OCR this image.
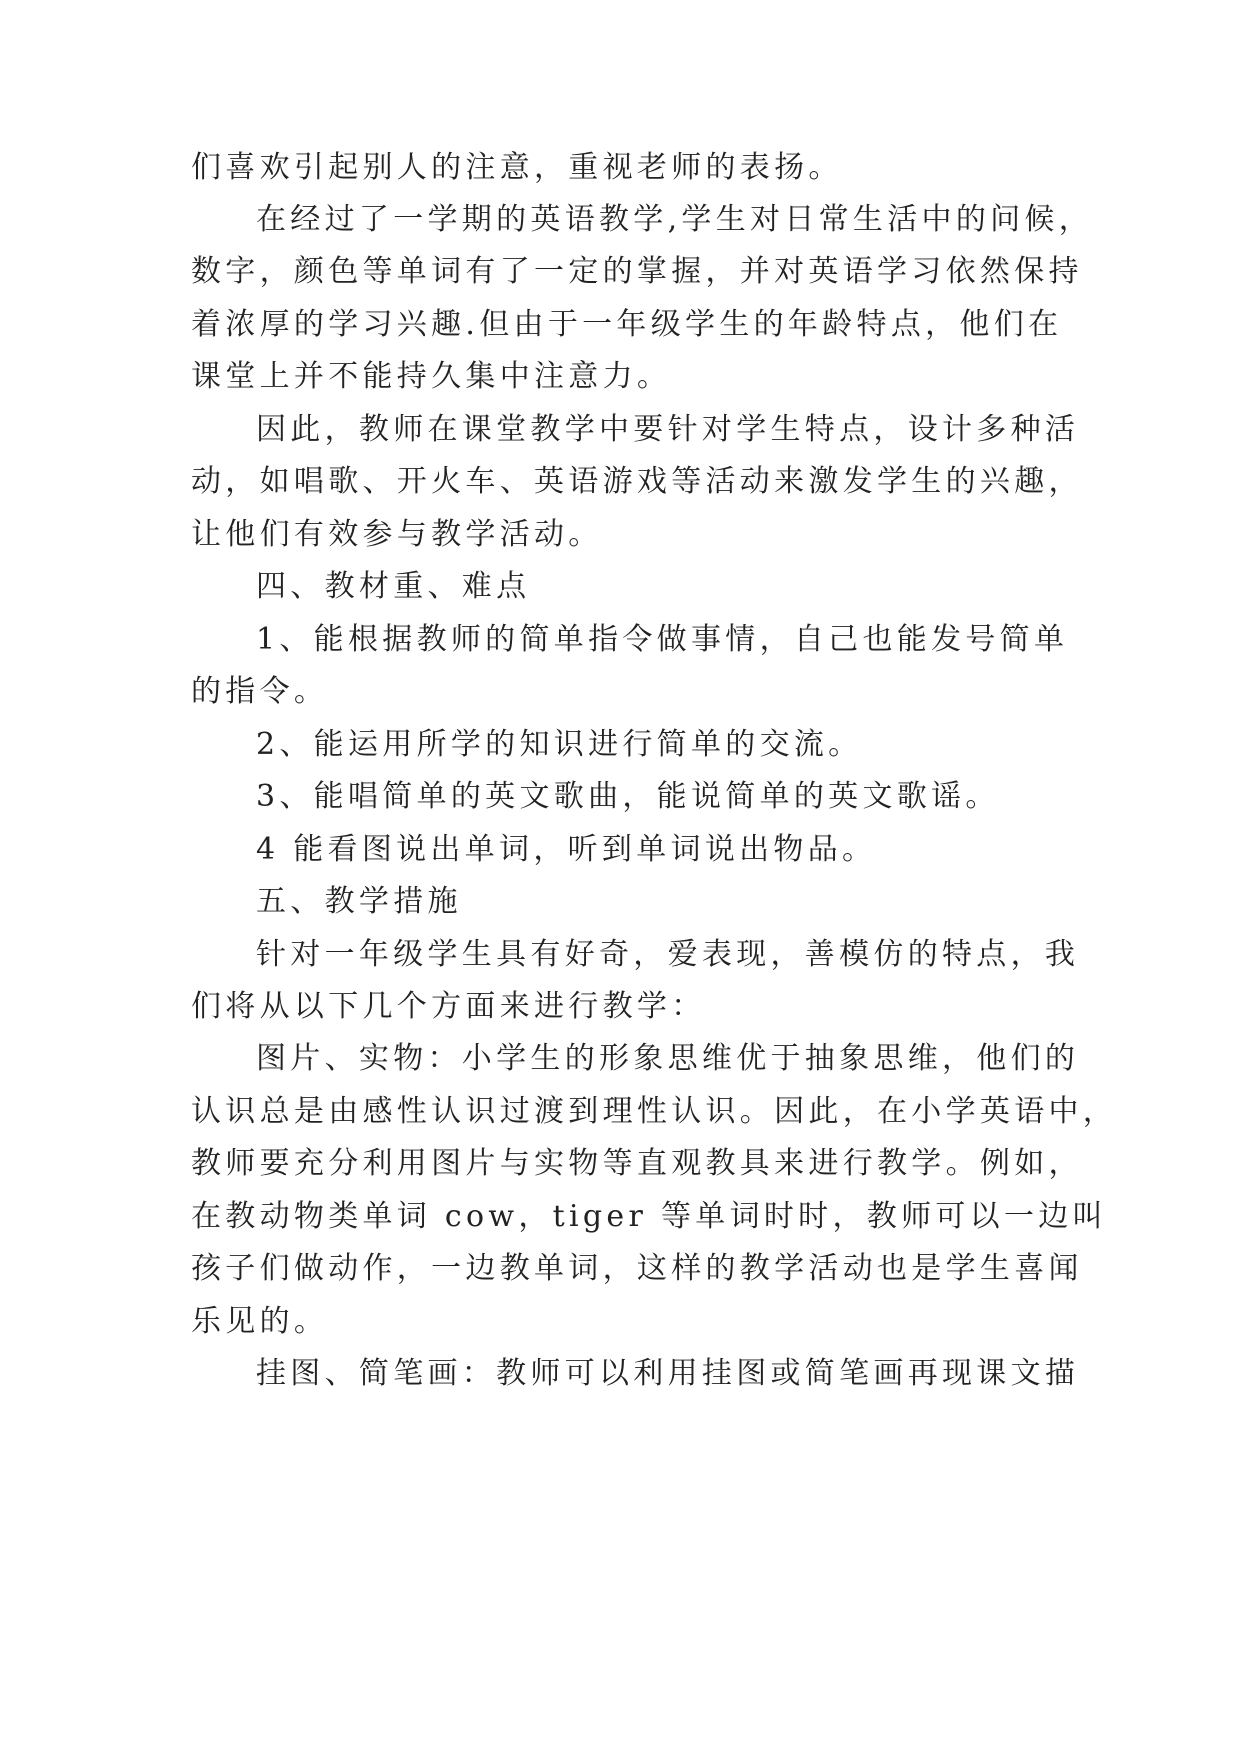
们喜欢引起别人的注意，重视老师的表扬。
在经过了一学期的英语教学,学生对日常生活中的问候，
数字，颜色等单词有了一定的掌握，并对英语学习依然保持
着浓厚的学习兴趣.但由于一年级学生的年龄特点，他们在
课堂上并不能持久集中注意力。
因此，教师在课堂教学中要针对学生特点，设计多种活
动，如唱歌、开火车、英语游戏等活动来激发学生的兴趣，
让他们有效参与教学活动。
四、教材重、难点
1、能根据教师的简单指令做事情，自己也能发号简单
的指令。
2、能运用所学的知识进行简单的交流。
3、能唱简单的英文歌曲，能说简单的英文歌谣。
4 能看图说出单词，听到单词说出物品。
五、教学措施
针对一年级学生具有好奇，爱表现，善模仿的特点，我
们将从以下几个方面来进行教学：
图片、实物：小学生的形象思维优于抽象思维，他们的
认识总是由感性认识过渡到理性认识。因此，在小学英语中，
教师要充分利用图片与实物等直观教具来进行教学。例如，
在教动物类单词 cow，tiger 等单词时时，教师可以一边叫
孩子们做动作，一边教单词，这样的教学活动也是学生喜闻
乐见的。
挂图、简笔画：教师可以利用挂图或简笔画再现课文描
